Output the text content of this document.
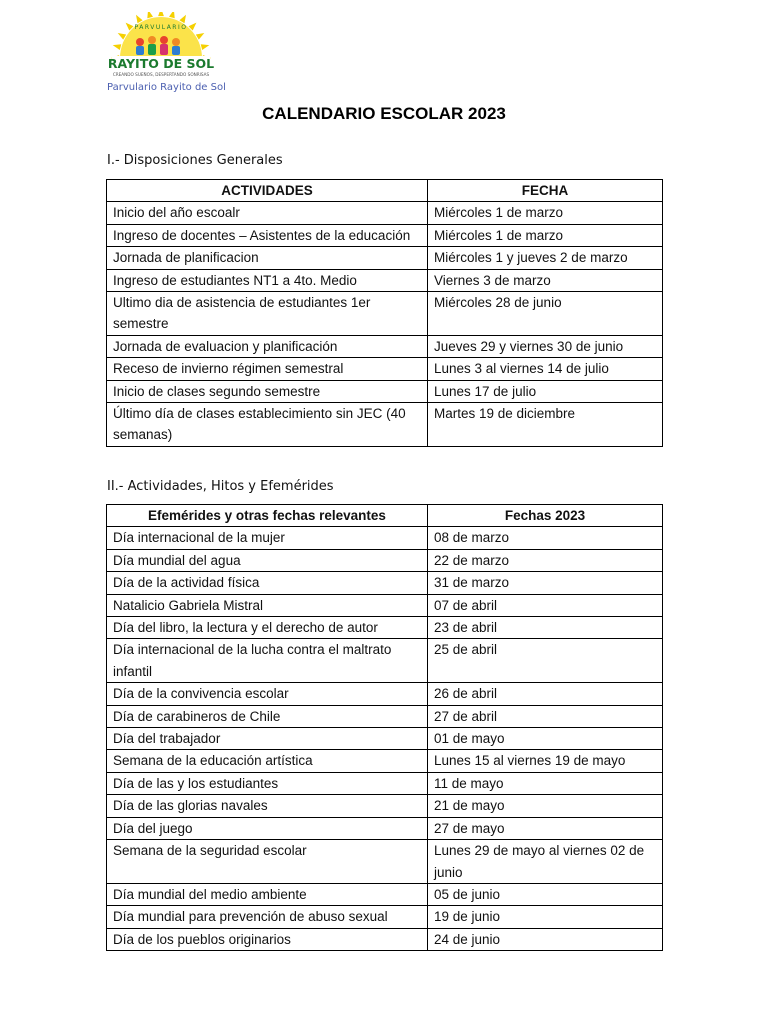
RAYITO DE SOL
CREANDO SUEÑOS, DESPERTANDO SONRISAS
PARVULARIO
Parvulario Rayito de Sol
CALENDARIO ESCOLAR 2023
I.- Disposiciones Generales
ACTIVIDADES	FECHA
Inicio del año escoalr	Miércoles 1 de marzo
Ingreso de docentes – Asistentes de la educación	Miércoles 1 de marzo
Jornada de planificacion	Miércoles 1 y jueves 2 de marzo
Ingreso de estudiantes NT1 a 4to. Medio	Viernes 3 de marzo
Ultimo dia de asistencia de estudiantes 1er semestre	Miércoles 28 de junio
Jornada de evaluacion y planificación	Jueves 29 y viernes 30 de junio
Receso de invierno régimen semestral	Lunes 3 al viernes 14 de julio
Inicio de clases segundo semestre	Lunes 17 de julio
Último día de clases establecimiento sin JEC (40 semanas)	Martes 19 de diciembre
II.- Actividades, Hitos y Efemérides
Efemérides y otras fechas relevantes	Fechas 2023
Día internacional de la mujer	08 de marzo
Día mundial del agua	22 de marzo
Día de la actividad física	31 de marzo
Natalicio Gabriela Mistral	07 de abril
Día del libro, la lectura y el derecho de autor	23 de abril
Día internacional de la lucha contra el maltrato infantil	25 de abril
Día de la convivencia escolar	26 de abril
Día de carabineros de Chile	27 de abril
Día del trabajador	01 de mayo
Semana de la educación artística	Lunes 15 al viernes 19 de mayo
Día de las y los estudiantes	11 de mayo
Día de las glorias navales	21 de mayo
Día del juego	27 de mayo
Semana de la seguridad escolar	Lunes 29 de mayo al viernes 02 de junio
Día mundial del medio ambiente	05 de junio
Día mundial para prevención de abuso sexual	19 de junio
Día de los pueblos originarios	24 de junio
